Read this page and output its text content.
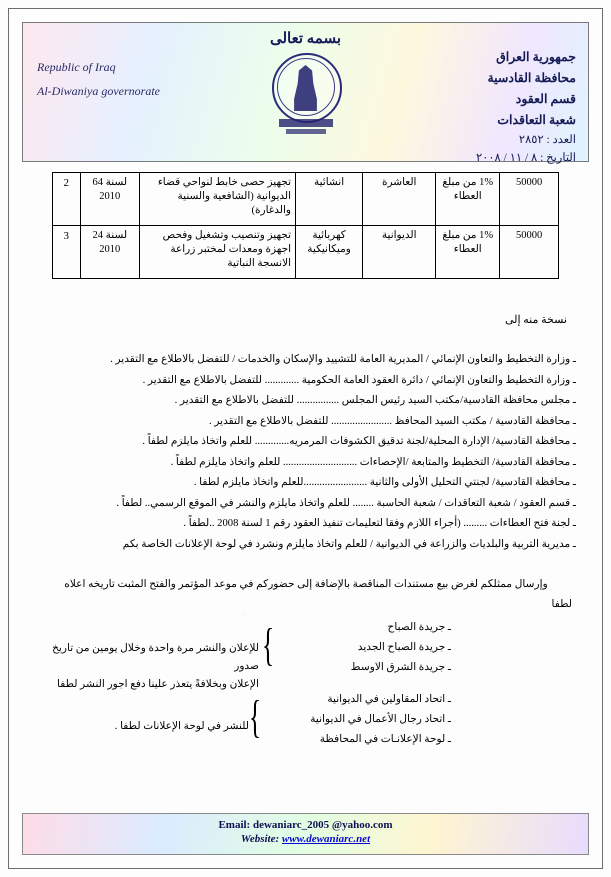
بسمه تعالى
Republic of Iraq
Al-Diwaniya governorate
جمهورية العراق
محافظة القادسية
قسم العقود
شعبة التعاقدات
العدد : ٢٨٥٢
التاريخ : ٨ / ١١ / ٢٠٠٨
50000	1% من مبلغ العطاء	العاشرة	انشائية	تجهيز حصى خابط لنواحي قضاء الديوانية (الشافعية والسنية والدغارة)	لسنة 64 2010	2
50000	1% من مبلغ العطاء	الديوانية	كهربائية وميكانيكية	تجهيز وتنصيب وتشغيل وفحص اجهزة ومعدات لمختبر زراعة الانسجة النباتية	لسنة 24 2010	3
نسخة منه إلى
ـ وزارة التخطيط والتعاون الإنمائي / المديرية العامة للتشييد والإسكان والخدمات / للتفضل بالاطلاع مع التقدير .
ـ وزارة التخطيط والتعاون الإنمائي / دائرة العقود العامة الحكومية ............. للتفضل بالاطلاع مع التقدير .
ـ مجلس محافظة القادسية/مكتب السيد رئيس المجلس ................ للتفضل بالاطلاع مع التقدير .
ـ محافظة القادسية / مكتب السيد المحافظ ....................... للتفضل بالاطلاع مع التقدير .
ـ محافظة القادسية/ الإدارة المحلية/لجنة تدقيق الكشوفات المرمريه............. للعلم واتخاذ مايلزم لطفاً .
ـ محافظة القادسية/ التخطيط والمتابعة /الإحصاءات ............................ للعلم واتخاذ مايلزم لطفاً .
ـ محافظة القادسية/ لجنتي التحليل الأولى والثانية ........................للعلم واتخاذ مايلزم لطفا .
ـ قسم العقود / شعبة التعاقدات / شعبة الحاسبة ........ للعلم واتخاذ مايلزم والنشر في الموقع الرسمي.. لطفاً .
ـ لجنة فتح العطاءات ......... (أجراء اللازم وفقا لتعليمات تنفيذ العقود رقم 1 لسنة 2008 ..لطفاً .
ـ مديرية التربية والبلديات والزراعة في الديوانية / للعلم واتخاذ مايلزم ونشرد في لوحة الإعلانات الخاصة بكم
وإرسال ممثلكم لغرض بيع مستندات المناقصة بالإضافة إلى حضوركم في موعد المؤتمر والفتح المثبت تاريخه اعلاه
لطفا
ـ جريدة الصباح
ـ جريدة الصباح الجديد
ـ جريدة الشرق الاوسط
{
للإعلان والنشر مرة واحدة وخلال يومين من تاريخ صدور
الإعلان وبخلافةً يتعذر علينا دفع اجور النشر لطفا
ـ اتحاد المقاولين في الديوانية
ـ اتحاد رجال الأعمال في الديوانية
ـ لوحة الإعلانـات في المحافظة
{
للنشر في لوحة الإعلانات لطفا .
Email: dewaniarc_2005 @yahoo.com
Website: www.dewaniarc.net
